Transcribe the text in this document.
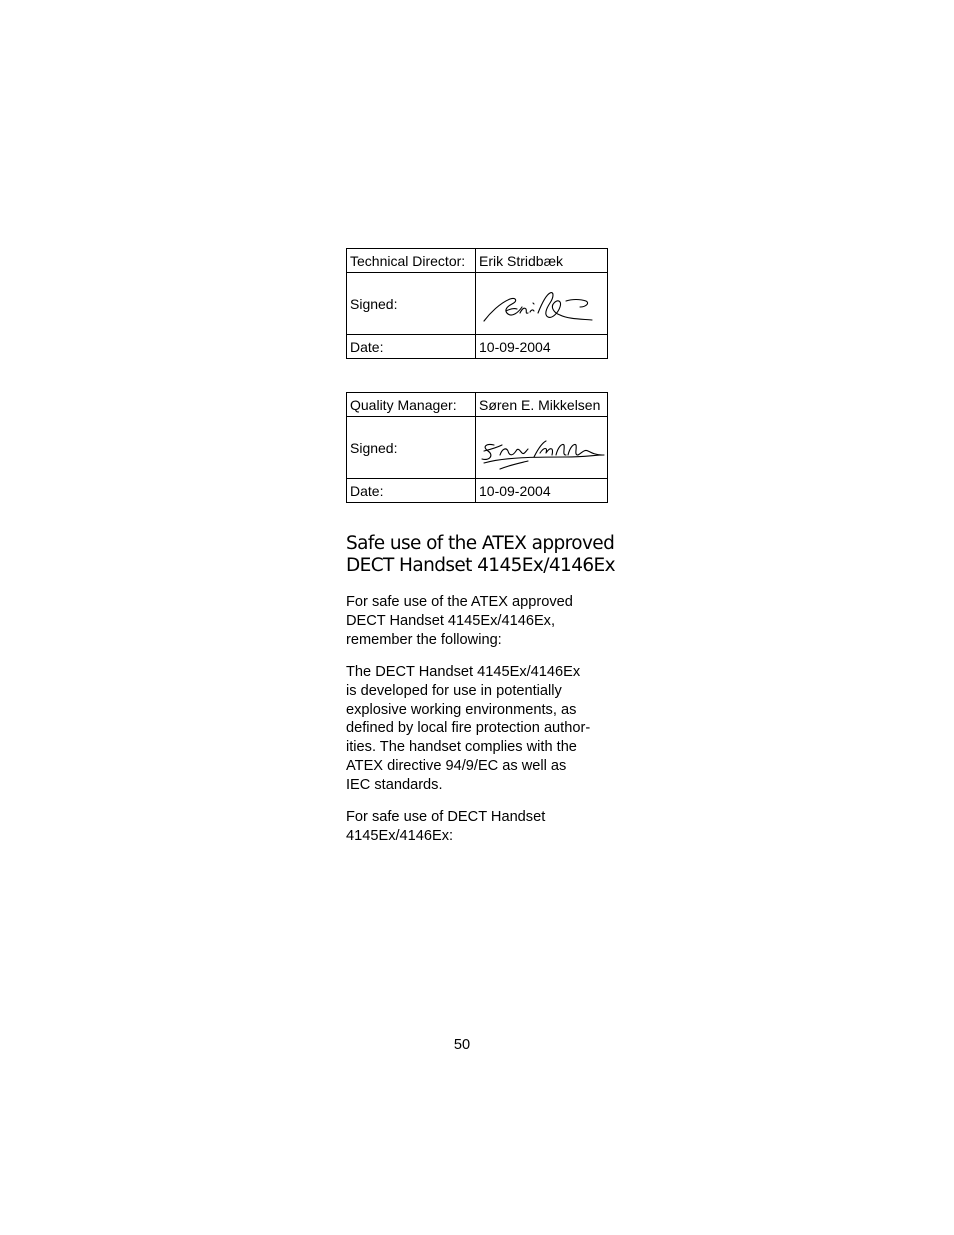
Technical Director:	Erik Stridbæk
Signed:	

Date:	10-09-2004
Quality Manager:	Søren E. Mikkelsen
Signed:	

Date:	10-09-2004
Safe use of the ATEX approved
DECT Handset 4145Ex/4146Ex

For safe use of the ATEX approved
DECT Handset 4145Ex/4146Ex,
remember the following:

The DECT Handset 4145Ex/4146Ex
is developed for use in potentially
explosive working environments, as
defined by local fire protection author-
ities. The handset complies with the
ATEX directive 94/9/EC as well as
IEC standards.

For safe use of DECT Handset
4145Ex/4146Ex:

50
